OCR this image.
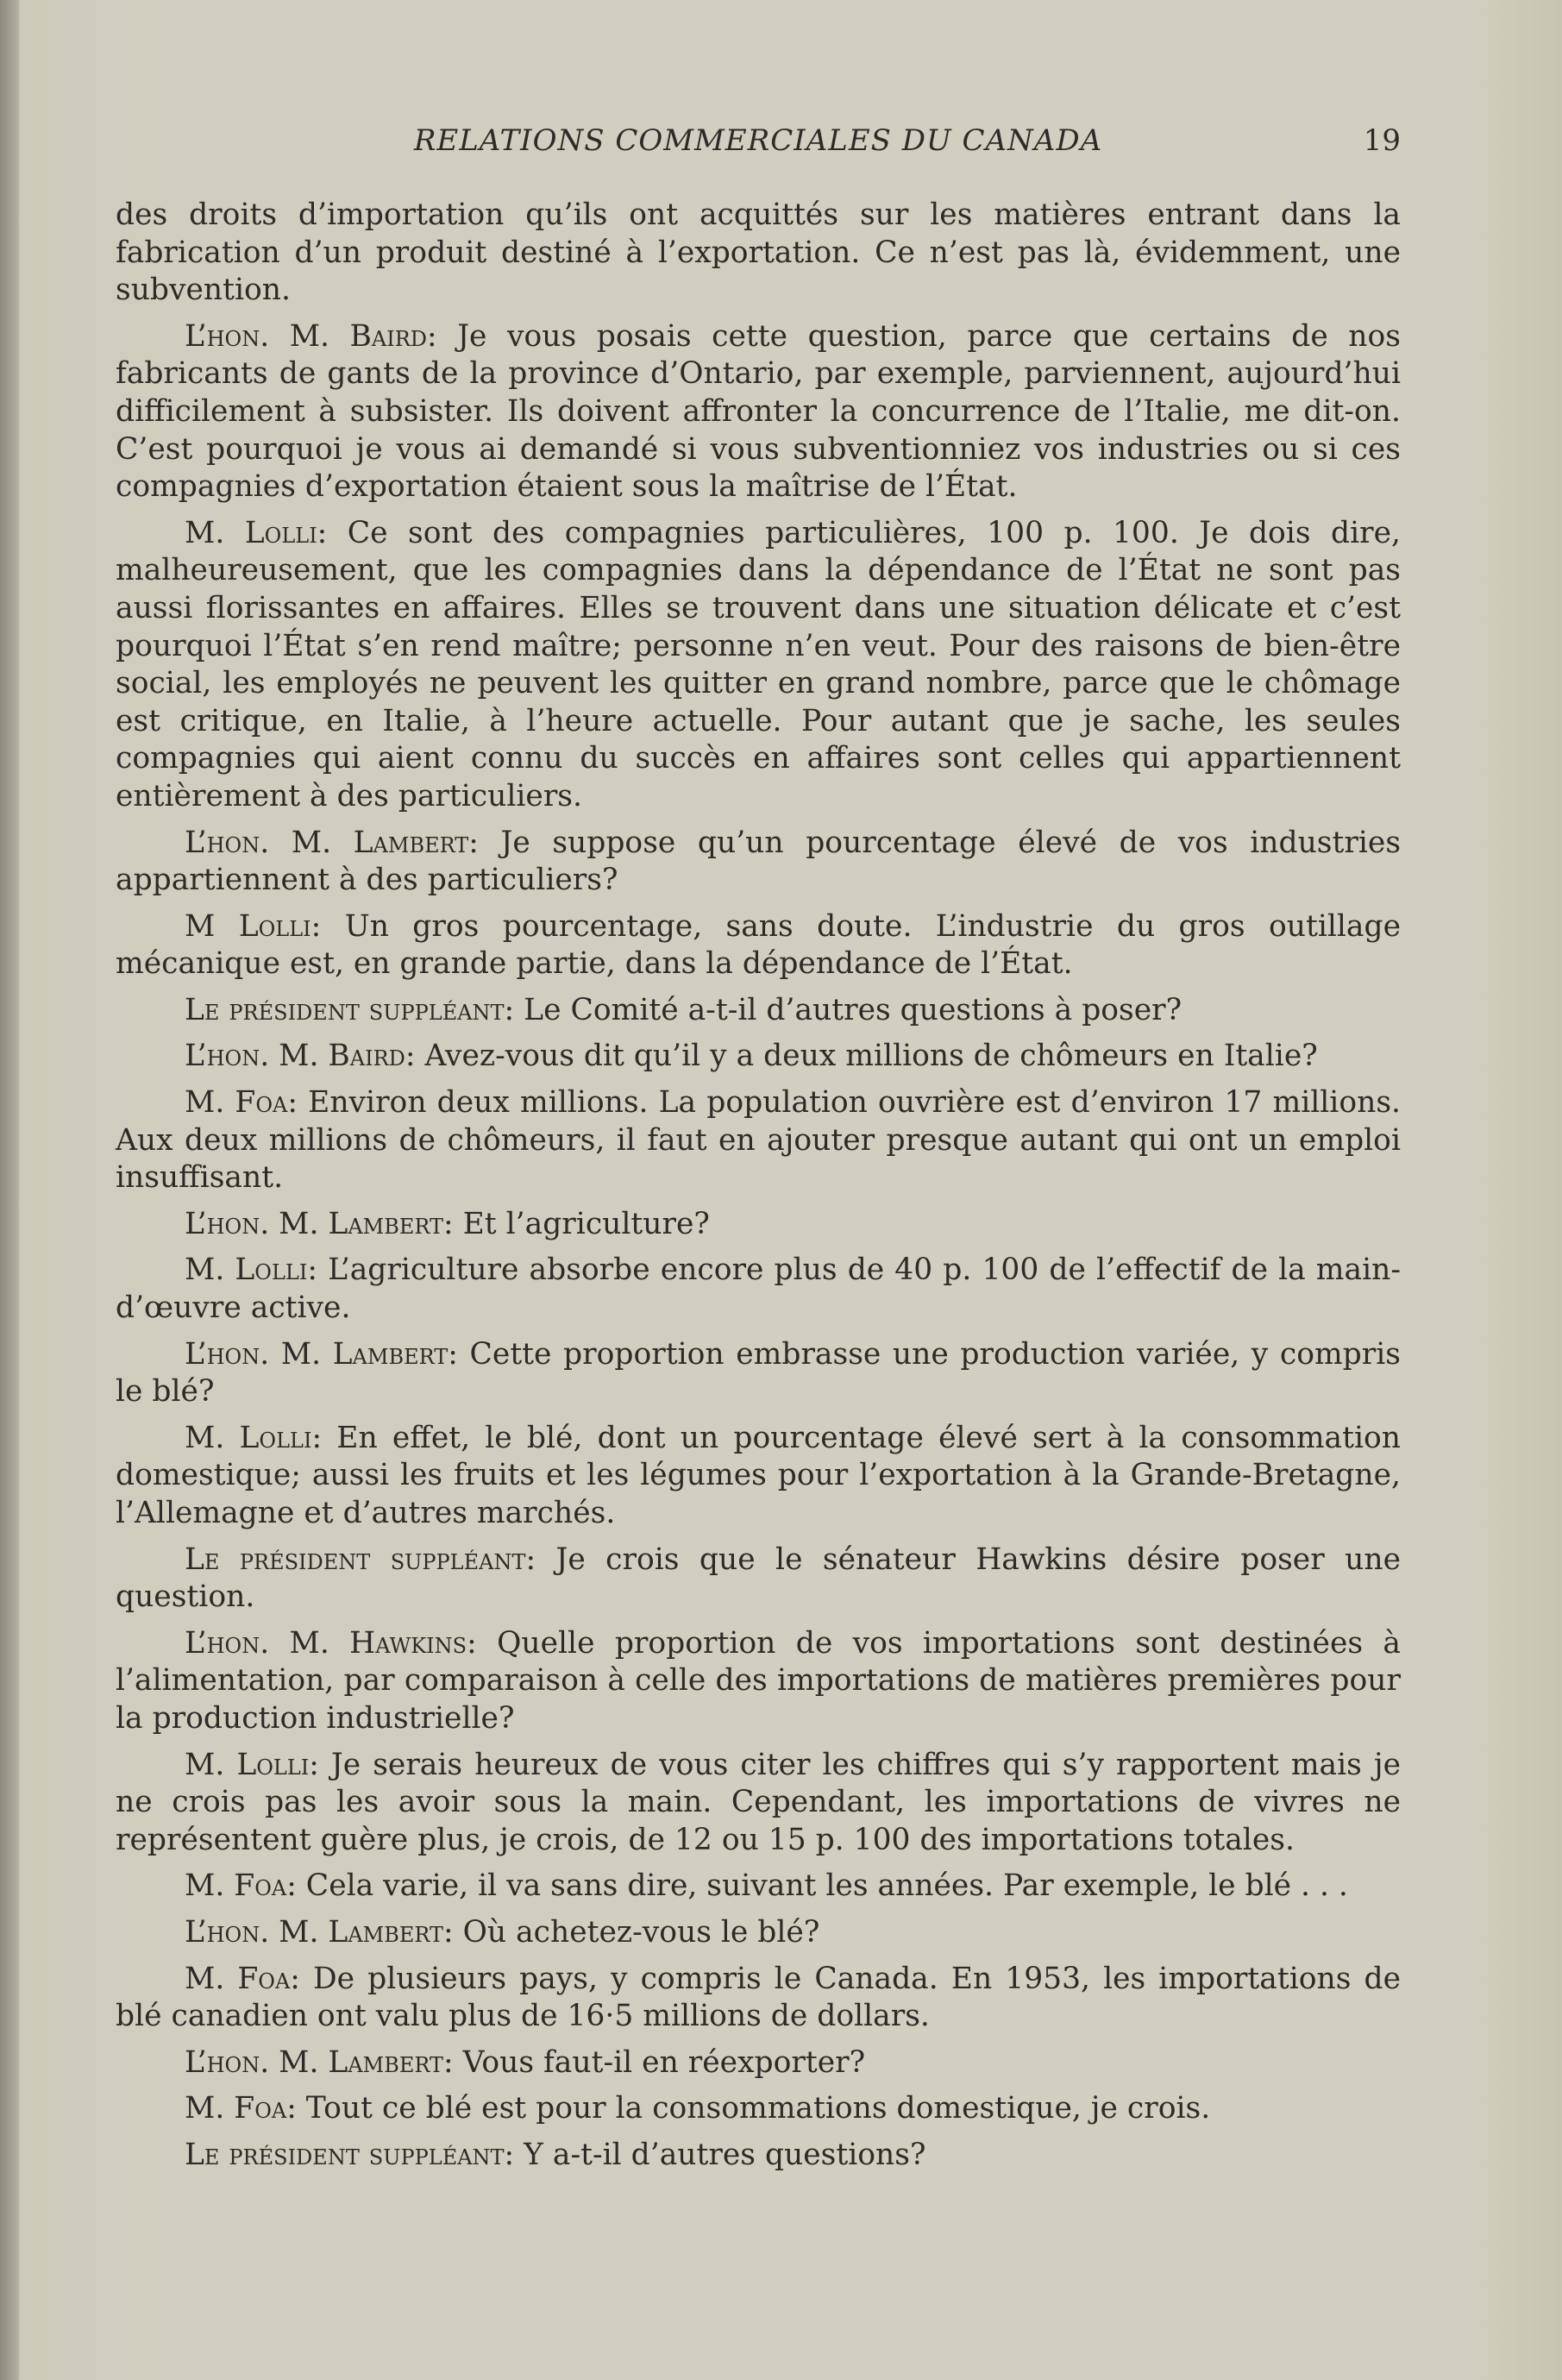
RELATIONS COMMERCIALES DU CANADA	19

des droits d’importation qu’ils ont acquittés sur les matières entrant dans la fabrication d’un produit destiné à l’exportation. Ce n’est pas là, évidemment, une subvention.

L’hon. M. Baird: Je vous posais cette question, parce que certains de nos fabricants de gants de la province d’Ontario, par exemple, parviennent, aujourd’hui difficilement à subsister. Ils doivent affronter la concurrence de l’Italie, me dit-on. C’est pourquoi je vous ai demandé si vous subventionniez vos industries ou si ces compagnies d’exportation étaient sous la maîtrise de l’État.

M. Lolli: Ce sont des compagnies particulières, 100 p. 100. Je dois dire, malheureusement, que les compagnies dans la dépendance de l’État ne sont pas aussi florissantes en affaires. Elles se trouvent dans une situation délicate et c’est pourquoi l’État s’en rend maître; personne n’en veut. Pour des raisons de bien-être social, les employés ne peuvent les quitter en grand nombre, parce que le chômage est critique, en Italie, à l’heure actuelle. Pour autant que je sache, les seules compagnies qui aient connu du succès en affaires sont celles qui appartiennent entièrement à des particuliers.

L’hon. M. Lambert: Je suppose qu’un pourcentage élevé de vos industries appartiennent à des particuliers?

M Lolli: Un gros pourcentage, sans doute. L’industrie du gros outillage mécanique est, en grande partie, dans la dépendance de l’État.

Le président suppléant: Le Comité a-t-il d’autres questions à poser?

L’hon. M. Baird: Avez-vous dit qu’il y a deux millions de chômeurs en Italie?

M. Foa: Environ deux millions. La population ouvrière est d’environ 17 millions. Aux deux millions de chômeurs, il faut en ajouter presque autant qui ont un emploi insuffisant.

L’hon. M. Lambert: Et l’agriculture?

M. Lolli: L’agriculture absorbe encore plus de 40 p. 100 de l’effectif de la main-d’œuvre active.

L’hon. M. Lambert: Cette proportion embrasse une production variée, y compris le blé?

M. Lolli: En effet, le blé, dont un pourcentage élevé sert à la consommation domestique; aussi les fruits et les légumes pour l’exportation à la Grande-Bretagne, l’Allemagne et d’autres marchés.

Le président suppléant: Je crois que le sénateur Hawkins désire poser une question.

L’hon. M. Hawkins: Quelle proportion de vos importations sont destinées à l’alimentation, par comparaison à celle des importations de matières premières pour la production industrielle?

M. Lolli: Je serais heureux de vous citer les chiffres qui s’y rapportent mais je ne crois pas les avoir sous la main. Cependant, les importations de vivres ne représentent guère plus, je crois, de 12 ou 15 p. 100 des importations totales.

M. Foa: Cela varie, il va sans dire, suivant les années. Par exemple, le blé . . .

L’hon. M. Lambert: Où achetez-vous le blé?

M. Foa: De plusieurs pays, y compris le Canada. En 1953, les importations de blé canadien ont valu plus de 16·5 millions de dollars.

L’hon. M. Lambert: Vous faut-il en réexporter?

M. Foa: Tout ce blé est pour la consommations domestique, je crois.

Le président suppléant: Y a-t-il d’autres questions?
